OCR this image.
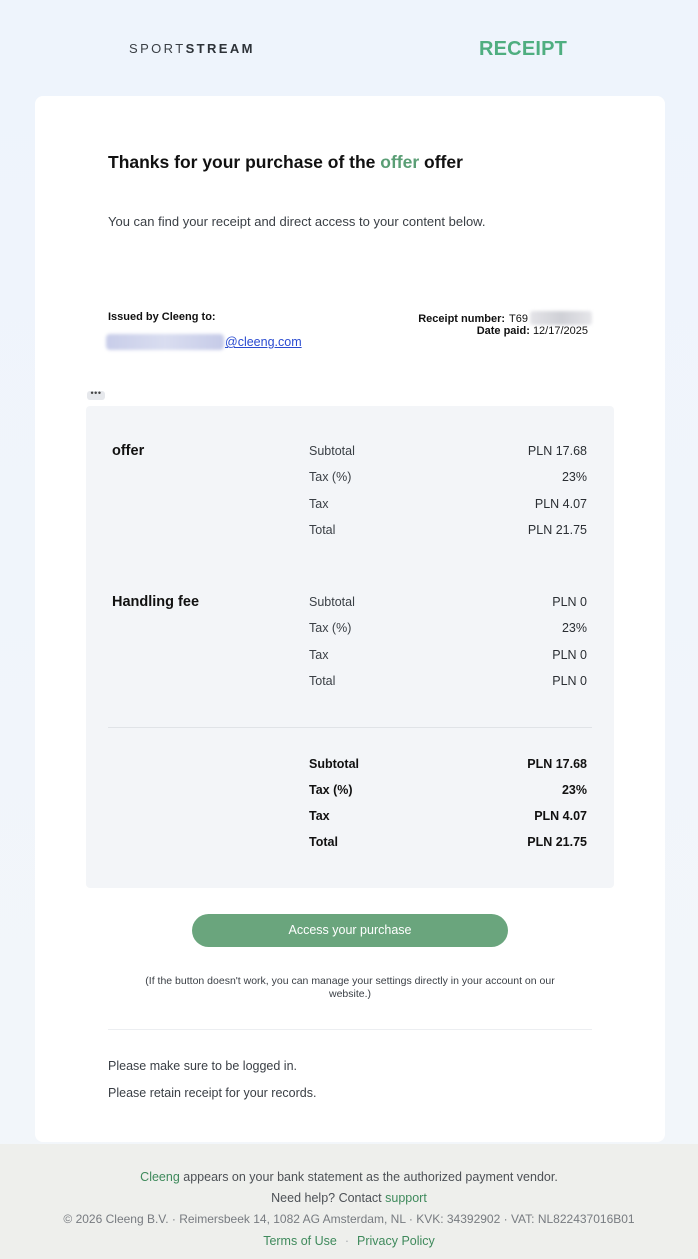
SPORTSTREAM	RECEIPT
Thanks for your purchase of the offer offer
You can find your receipt and direct access to your content below.
Issued by Cleeng to:
@cleeng.com
Receipt number: T69
Date paid: 12/17/2025
•••
offer	Subtotal	PLN 17.68
Tax (%)	23%
Tax	PLN 4.07
Total	PLN 21.75
Handling fee	Subtotal	PLN 0
Tax (%)	23%
Tax	PLN 0
Total	PLN 0
Subtotal	PLN 17.68
Tax (%)	23%
Tax	PLN 4.07
Total	PLN 21.75
Access your purchase
(If the button doesn't work, you can manage your settings directly in your account on our
website.)
Please make sure to be logged in.
Please retain receipt for your records.
Cleeng appears on your bank statement as the authorized payment vendor.
Need help? Contact support
© 2026 Cleeng B.V. · Reimersbeek 14, 1082 AG Amsterdam, NL · KVK: 34392902 · VAT: NL822437016B01
Terms of Use · Privacy Policy
